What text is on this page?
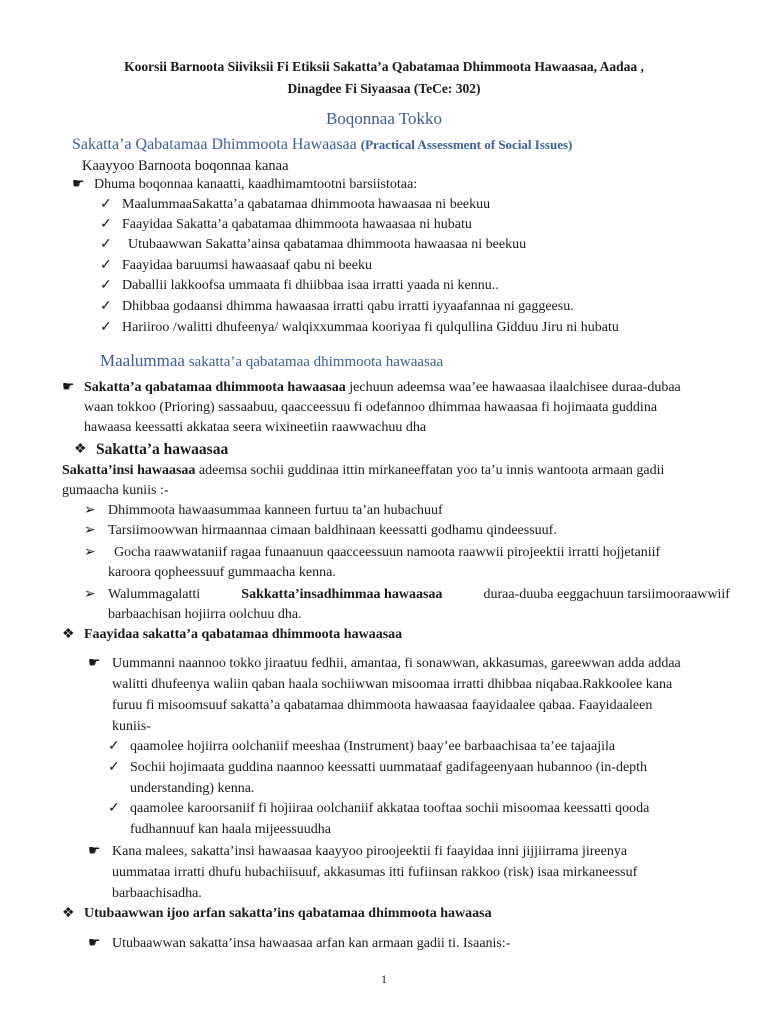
Koorsii Barnoota Siiviksii Fi Etiksii Sakatta’a Qabatamaa Dhimmoota Hawaasaa, Aadaa ,
Dinagdee Fi Siyaasaa (TeCe: 302)
Boqonnaa Tokko
Sakatta’a Qabatamaa Dhimmoota Hawaasaa (Practical Assessment of Social Issues)
Kaayyoo Barnoota boqonnaa kanaa
☛ Dhuma boqonnaa kanaatti, kaadhimamtootni barsiistotaa:
✓ MaalummaaSakatta’a qabatamaa dhimmoota hawaasaa ni beekuu
✓ Faayidaa Sakatta’a qabatamaa dhimmoota hawaasaa ni hubatu
✓ Utubaawwan Sakatta’ainsa qabatamaa dhimmoota hawaasaa ni beekuu
✓ Faayidaa baruumsi hawaasaaf qabu ni beeku
✓ Daballii lakkoofsa ummaata fi dhiibbaa isaa irratti yaada ni kennu..
✓ Dhibbaa godaansi dhimma hawaasaa irratti qabu irratti iyyaafannaa ni gaggeesu.
✓ Hariiroo /walitti dhufeenya/ walqixxummaa kooriyaa fi qulqullina Gidduu Jiru ni hubatu
Maalummaa sakatta’a qabatamaa dhimmoota hawaasaa
☛ Sakatta’a qabatamaa dhimmoota hawaasaa jechuun adeemsa waa’ee hawaasaa ilaalchisee duraa-dubaa
waan tokkoo (Prioring) sassaabuu, qaacceessuu fi odefannoo dhimmaa hawaasaa fi hojimaata guddina
hawaasa keessatti akkataa seera wixineetiin raawwachuu dha
❖ Sakatta’a hawaasaa
Sakatta’insi hawaasaa adeemsa sochii guddinaa ittin mirkaneeffatan yoo ta’u innis wantoota armaan gadii
gumaacha kuniis :-
➢ Dhimmoota hawaasummaa kanneen furtuu ta’an hubachuuf
➢ Tarsiimoowwan hirmaannaa cimaan baldhinaan keessatti godhamu qindeessuuf.
➢ Gocha raawwataniif ragaa funaanuun qaacceessuun namoota raawwii pirojeektii irratti hojjetaniif
karoora qopheessuuf gummaacha kenna.
➢ Walummagalatti	Sakkatta’insadhimmaa hawaasaa	duraa-duuba eeggachuun tarsiimooraawwiif
barbaachisan hojiirra oolchuu dha.
❖ Faayidaa sakatta’a qabatamaa dhimmoota hawaasaa
☛ Uummanni naannoo tokko jiraatuu fedhii, amantaa, fi sonawwan, akkasumas, gareewwan adda addaa
walitti dhufeenya waliin qaban haala sochiiwwan misoomaa irratti dhibbaa niqabaa.Rakkoolee kana
furuu fi misoomsuuf sakatta’a qabatamaa dhimmoota hawaasaa faayidaalee qabaa. Faayidaaleen
kuniis-
✓ qaamolee hojiirra oolchaniif meeshaa (Instrument) baay’ee barbaachisaa ta’ee tajaajila
✓ Sochii hojimaata guddina naannoo keessatti uummataaf gadifageenyaan hubannoo (in-depth
understanding) kenna.
✓ qaamolee karoorsaniif fi hojiiraa oolchaniif akkataa tooftaa sochii misoomaa keessatti qooda
fudhannuuf kan haala mijeessuudha
☛ Kana malees, sakatta’insi hawaasaa kaayyoo piroojeektii fi faayidaa inni jijjiirrama jireenya
uummataa irratti dhufu hubachiisuuf, akkasumas itti fufiinsan rakkoo (risk) isaa mirkaneessuf
barbaachisadha.
❖ Utubaawwan ijoo arfan sakatta’ins qabatamaa dhimmoota hawaasa
☛ Utubaawwan sakatta’insa hawaasaa arfan kan armaan gadii ti. Isaanis:-
1
